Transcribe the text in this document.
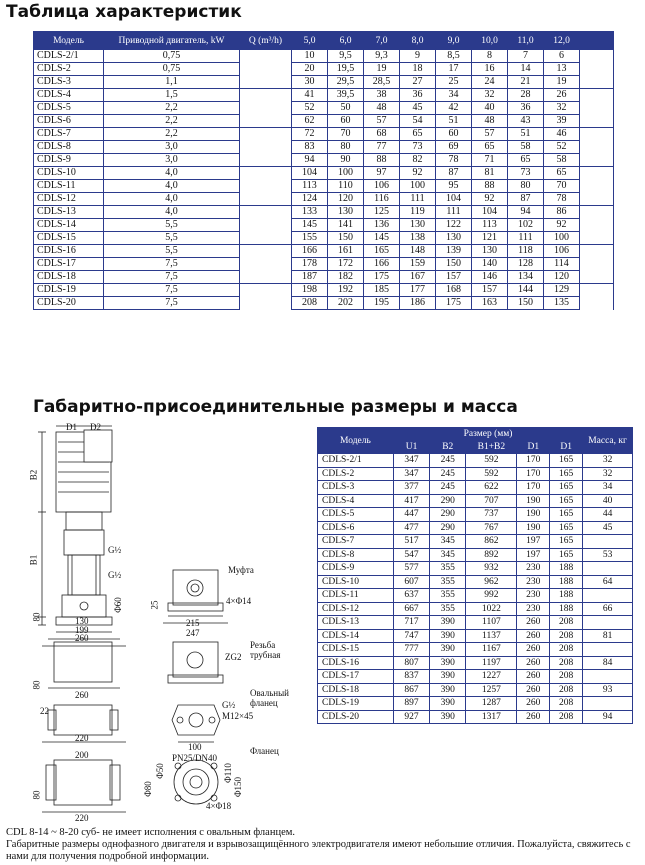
Таблица характеристик
Модель	Приводной двигатель, kW	Q (m³/h)	5,0	6,0	7,0	8,0	9,0	10,0	11,0	12,0	
CDLS-2/1	0,75		10	9,5	9,3	9	8,5	8	7	6	
CDLS-2	0,75		20	19,5	19	18	17	16	14	13	
CDLS-3	1,1		30	29,5	28,5	27	25	24	21	19	
CDLS-4	1,5		41	39,5	38	36	34	32	28	26	
CDLS-5	2,2		52	50	48	45	42	40	36	32	
CDLS-6	2,2		62	60	57	54	51	48	43	39	
CDLS-7	2,2		72	70	68	65	60	57	51	46	
CDLS-8	3,0		83	80	77	73	69	65	58	52	
CDLS-9	3,0		94	90	88	82	78	71	65	58	
CDLS-10	4,0		104	100	97	92	87	81	73	65	
CDLS-11	4,0		113	110	106	100	95	88	80	70	
CDLS-12	4,0		124	120	116	111	104	92	87	78	
CDLS-13	4,0		133	130	125	119	111	104	94	86	
CDLS-14	5,5		145	141	136	130	122	113	102	92	
CDLS-15	5,5		155	150	145	138	130	121	111	100	
CDLS-16	5,5		166	161	165	148	139	130	118	106	
CDLS-17	7,5		178	172	166	159	150	140	128	114	
CDLS-18	7,5		187	182	175	167	157	146	134	120	
CDLS-19	7,5		198	192	185	177	168	157	144	129	
CDLS-20	7,5		208	202	195	186	175	163	150	135	
Габаритно-присоединительные размеры и масса
Модель	Размер (мм)					Масса, кг
	U1	B2	B1+B2	D1	D1	
CDLS-2/1	347	245	592	170	165	32
CDLS-2	347	245	592	170	165	32
CDLS-3	377	245	622	170	165	34
CDLS-4	417	290	707	190	165	40
CDLS-5	447	290	737	190	165	44
CDLS-6	477	290	767	190	165	45
CDLS-7	517	345	862	197	165	
CDLS-8	547	345	892	197	165	53
CDLS-9	577	355	932	230	188	
CDLS-10	607	355	962	230	188	64
CDLS-11	637	355	992	230	188	
CDLS-12	667	355	1022	230	188	66
CDLS-13	717	390	1107	260	208	
CDLS-14	747	390	1137	260	208	81
CDLS-15	777	390	1167	260	208	
CDLS-16	807	390	1197	260	208	84
CDLS-17	837	390	1227	260	208	
CDLS-18	867	390	1257	260	208	93
CDLS-19	897	390	1287	260	208	
CDLS-20	927	390	1317	260	208	94
D1 D2
B2
B1
G½
G½
Φ60
80	130
199
260
Муфта
25	4×Φ14
215
247
Резьба
трубная
ZG2
80
260	Овальный
фланец
G½
M12×45
22
220
100
200	Фланец
PN25/DN40
Φ50	Φ110
Φ150
Φ80
4×Φ18
80
220
CDL 8-14 ~ 8-20 суб- не имеет исполнения с овальным фланцем.
Габаритные размеры однофазного двигателя и взрывозащищённого электродвигателя имеют небольшие отличия. Пожалуйста, свяжитесь с
нами для получения подробной информации.
